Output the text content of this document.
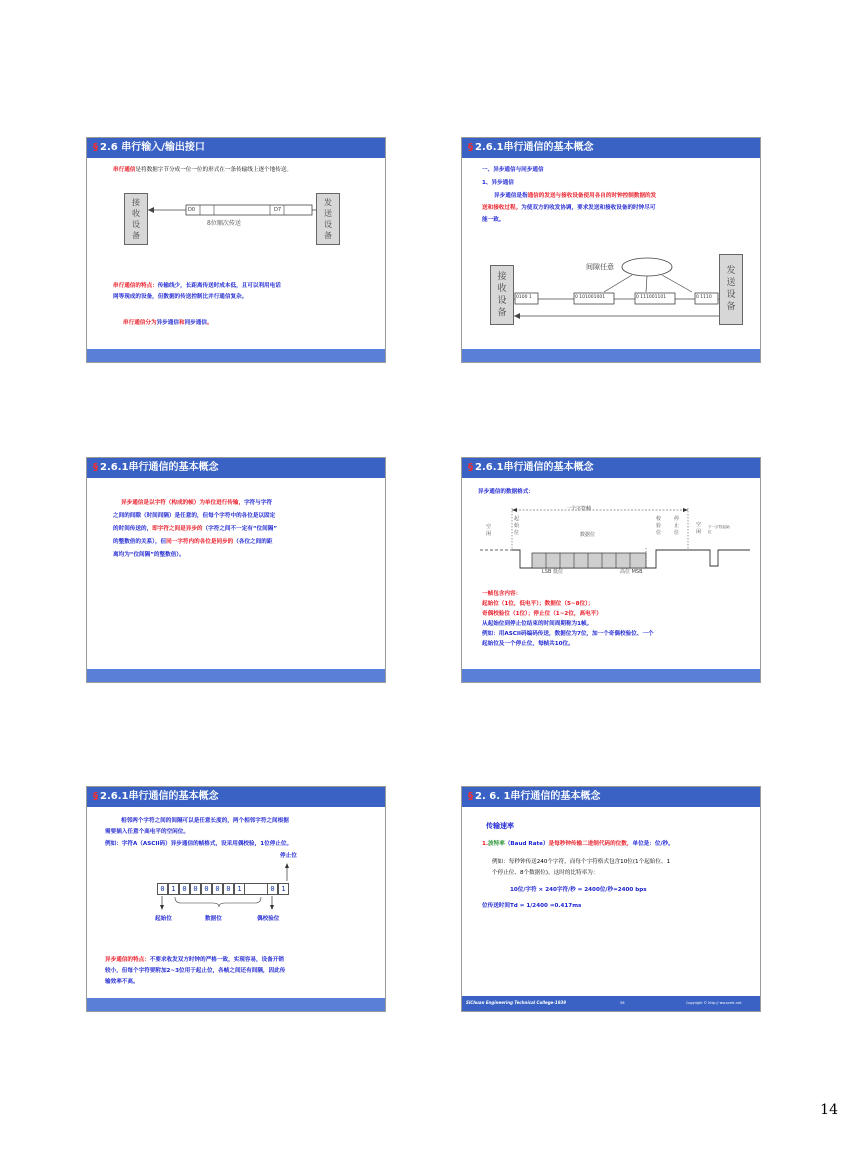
§ 2.6 串行输入/输出接口
串行通信是将数据字节分成一位一位的形式在一条传输线上逐个地传送。
接收设备
发送设备
D0	D7
8位顺次传送
串行通信的特点：传输线少，长距离传送时成本低，且可以利用电话
网等现成的设备，但数据的传送控制比并行通信复杂。
串行通信分为异步通信和同步通信。
§ 2.6.1串行通信的基本概念
一、异步通信与同步通信
1、异步通信
异步通信是指通信的发送与接收设备使用各自的时钟控制数据的发
送和接收过程。为使双方的收发协调，要求发送和接收设备的时钟尽可
能一致。
接收设备
发送设备
间隙任意
0100 1	0 101001001	0 111001101	0 1110
§ 2.6.1串行通信的基本概念
异步通信是以字符（构成的帧）为单位进行传输，字符与字符
之间的间隙（时间间隔）是任意的，但每个字符中的各位是以固定
的时间传送的，即字符之间是异步的（字符之间不一定有“位间隔”
的整数倍的关系），但同一字符内的各位是同步的（各位之间的距
离均为“位间隔”的整数倍）。
§ 2.6.1串行通信的基本概念
异步通信的数据格式：
一个字符帧
空闲
起始位	数据位
校验位
停止位
空闲
下一字符起始位
LSB 低位	高位 MSB
一帧包含内容：
起始位（1位，低电平）；数据位（5~8位）；
奇偶校验位（1位）；停止位（1~2位，高电平）
从起始位到停止位结束的时间周期称为1帧。
例如：用ASCII码编码传送，数据位为7位，加一个奇偶校验位、一个
起始位及一个停止位，每帧共10位。
§ 2.6.1串行通信的基本概念
相邻两个字符之间的间隔可以是任意长度的，两个相邻字符之间根据
需要插入任意个高电平的空闲位。
例如：字符A（ASCII码）异步通信的帧格式，设采用偶校验，1位停止位。
停止位
0 1 0 0 0 0 0 1	0 1
起始位	数据位	偶校验位
异步通信的特点：不要求收发双方时钟的严格一致，实现容易，设备开销
较小，但每个字符要附加2~3位用于起止位，各帧之间还有间隔，因此传
输效率不高。
§ 2. 6. 1串行通信的基本概念
传输速率
1.波特率（Baud Rate）是每秒钟传输二进制代码的位数，单位是：位/秒。
例如：每秒钟传送240个字符，而每个字符格式包含10位(1个起始位、1
个停止位、8个数据位)，这时的比特率为：
10位/字符 × 240字符/秒 = 2400位/秒=2400 bps
位传送时间Td = 1/2400 =0.417ms
SiChuan Engineering Technical College-1939	56	Copyright © http:// ww.scetc.net
14
